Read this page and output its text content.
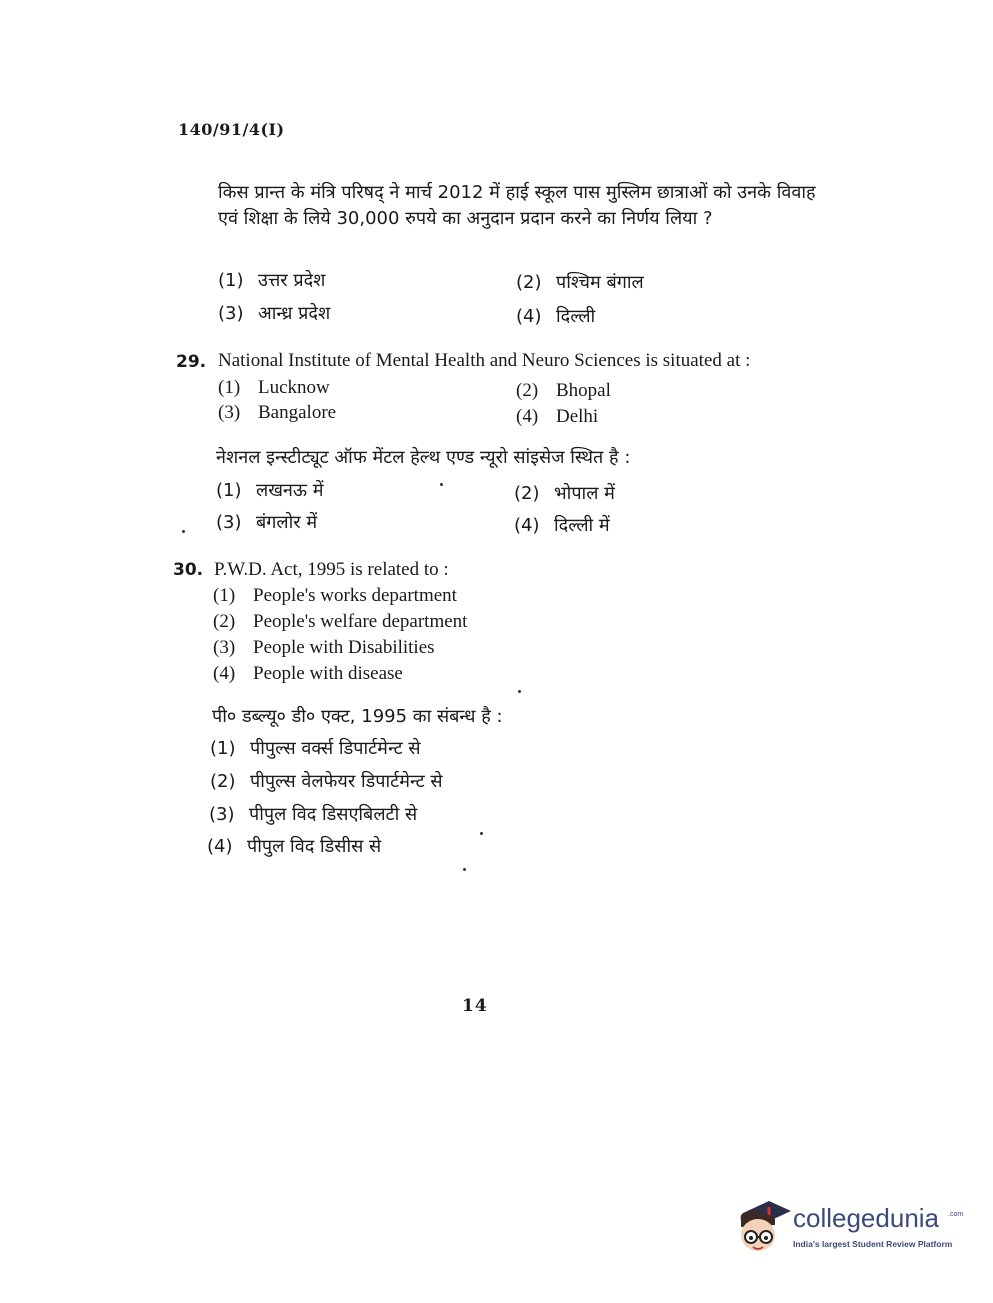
140/91/4(I)
किस प्रान्त के मंत्रि परिषद् ने मार्च 2012 में हाई स्कूल पास मुस्लिम छात्राओं को उनके विवाह एवं शिक्षा के लिये 30,000 रुपये का अनुदान प्रदान करने का निर्णय लिया ?
(1) उत्तर प्रदेश	(2) पश्चिम बंगाल
(3) आन्ध्र प्रदेश	(4) दिल्ली
29. National Institute of Mental Health and Neuro Sciences is situated at :
(1) Lucknow	(2) Bhopal
(3) Bangalore	(4) Delhi
नेशनल इन्स्टीट्यूट ऑफ मेंटल हेल्थ एण्ड न्यूरो सांइसेज स्थित है :
(1) लखनऊ में	(2) भोपाल में
(3) बंगलोर में	(4) दिल्ली में
30. P.W.D. Act, 1995 is related to :
(1) People's works department
(2) People's welfare department
(3) People with Disabilities
(4) People with disease
पी० डब्ल्यू० डी० एक्ट, 1995 का संबन्ध है :
(1) पीपुल्स वर्क्स डिपार्टमेन्ट से
(2) पीपुल्स वेलफेयर डिपार्टमेन्ट से
(3) पीपुल विद डिसएबिलटी से
(4) पीपुल विद डिसीस से
14
collegedunia .com
India's largest Student Review Platform
